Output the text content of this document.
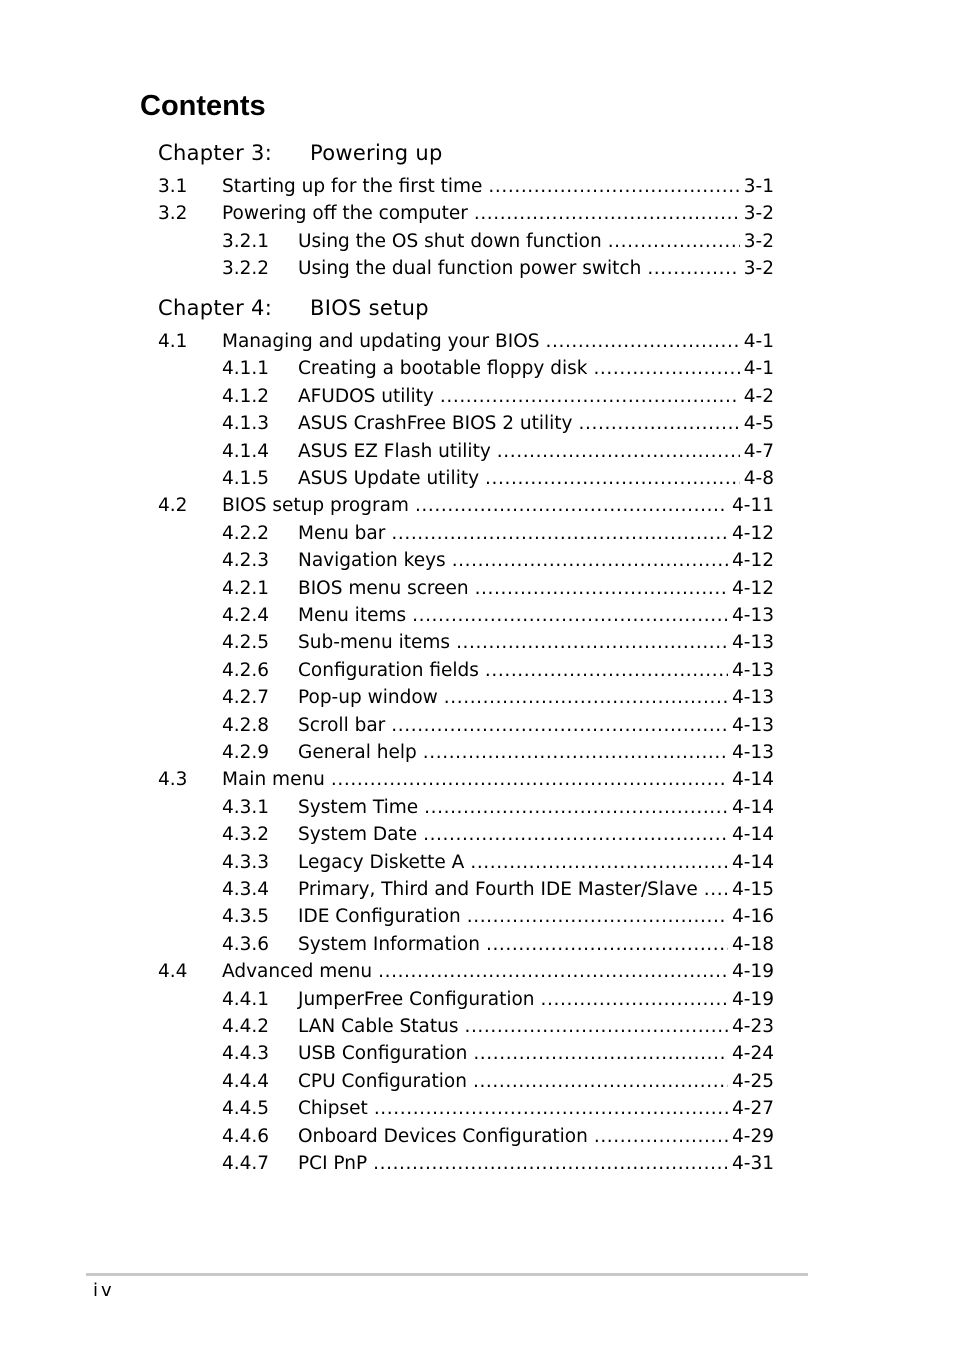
Contents
Chapter 3: Powering up
3.1	Starting up for the first time .....	3-1
3.2	Powering off the computer .....	3-2
3.2.1	Using the OS shut down function .....	3-2
3.2.2	Using the dual function power switch .....	3-2
Chapter 4: BIOS setup
4.1	Managing and updating your BIOS .....	4-1
4.1.1	Creating a bootable floppy disk .....	4-1
4.1.2	AFUDOS utility .....	4-2
4.1.3	ASUS CrashFree BIOS 2 utility .....	4-5
4.1.4	ASUS EZ Flash utility .....	4-7
4.1.5	ASUS Update utility .....	4-8
4.2	BIOS setup program .....	4-11
4.2.2	Menu bar .....	4-12
4.2.3	Navigation keys .....	4-12
4.2.1	BIOS menu screen .....	4-12
4.2.4	Menu items .....	4-13
4.2.5	Sub-menu items .....	4-13
4.2.6	Configuration fields .....	4-13
4.2.7	Pop-up window .....	4-13
4.2.8	Scroll bar .....	4-13
4.2.9	General help .....	4-13
4.3	Main menu .....	4-14
4.3.1	System Time .....	4-14
4.3.2	System Date .....	4-14
4.3.3	Legacy Diskette A .....	4-14
4.3.4	Primary, Third and Fourth IDE Master/Slave ..... 4-15
4.3.5	IDE Configuration .....	4-16
4.3.6	System Information .....	4-18
4.4	Advanced menu .....	4-19
4.4.1	JumperFree Configuration .....	4-19
4.4.2	LAN Cable Status .....	4-23
4.4.3	USB Configuration .....	4-24
4.4.4	CPU Configuration .....	4-25
4.4.5	Chipset .....	4-27
4.4.6	Onboard Devices Configuration .....	4-29
4.4.7	PCI PnP .....	4-31
iv
